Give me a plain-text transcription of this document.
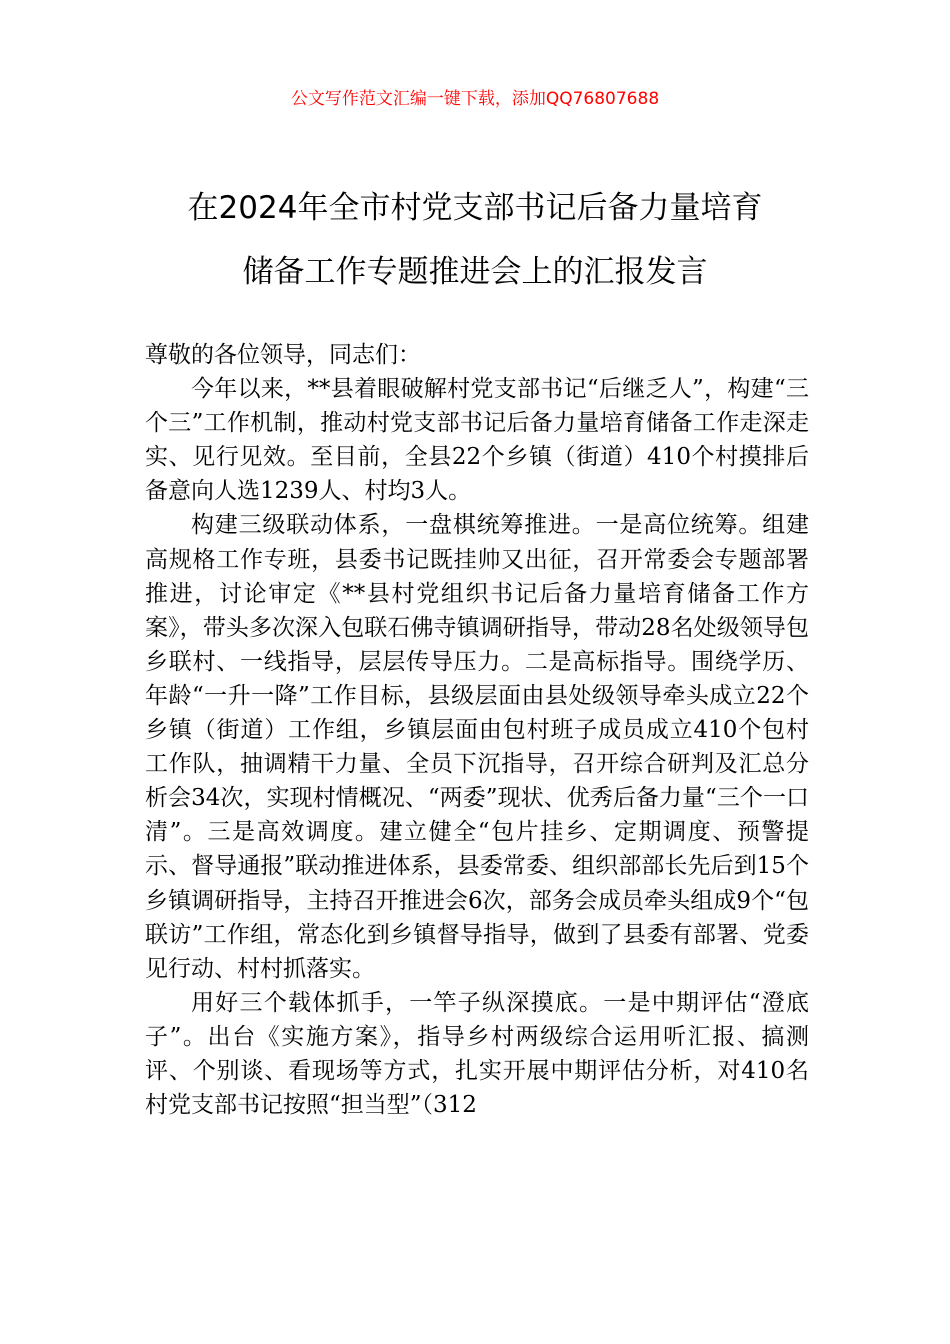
公文写作范文汇编一键下载，添加QQ76807688
在2024年全市村党支部书记后备力量培育
储备工作专题推进会上的汇报发言

尊敬的各位领导，同志们：

今年以来，**县着眼破解村党支部书记“后继乏人”，构建“三个三”工作机制，推动村党支部书记后备力量培育储备工作走深走实、见行见效。至目前，全县22个乡镇（街道）410个村摸排后备意向人选1239人、村均3人。

构建三级联动体系，一盘棋统筹推进。一是高位统筹。组建高规格工作专班，县委书记既挂帅又出征，召开常委会专题部署推进，讨论审定《**县村党组织书记后备力量培育储备工作方案》，带头多次深入包联石佛寺镇调研指导，带动28名处级领导包乡联村、一线指导，层层传导压力。二是高标指导。围绕学历、年龄“一升一降”工作目标，县级层面由县处级领导牵头成立22个乡镇（街道）工作组，乡镇层面由包村班子成员成立410个包村工作队，抽调精干力量、全员下沉指导，召开综合研判及汇总分析会34次，实现村情概况、“两委”现状、优秀后备力量“三个一口清”。三是高效调度。建立健全“包片挂乡、定期调度、预警提示、督导通报”联动推进体系，县委常委、组织部部长先后到15个乡镇调研指导，主持召开推进会6次，部务会成员牵头组成9个“包联访”工作组，常态化到乡镇督导指导，做到了县委有部署、党委见行动、村村抓落实。

用好三个载体抓手，一竿子纵深摸底。一是中期评估“澄底子”。出台《实施方案》，指导乡村两级综合运用听汇报、搞测评、个别谈、看现场等方式，扎实开展中期评估分析，对410名村党支部书记按照“担当型”（312
